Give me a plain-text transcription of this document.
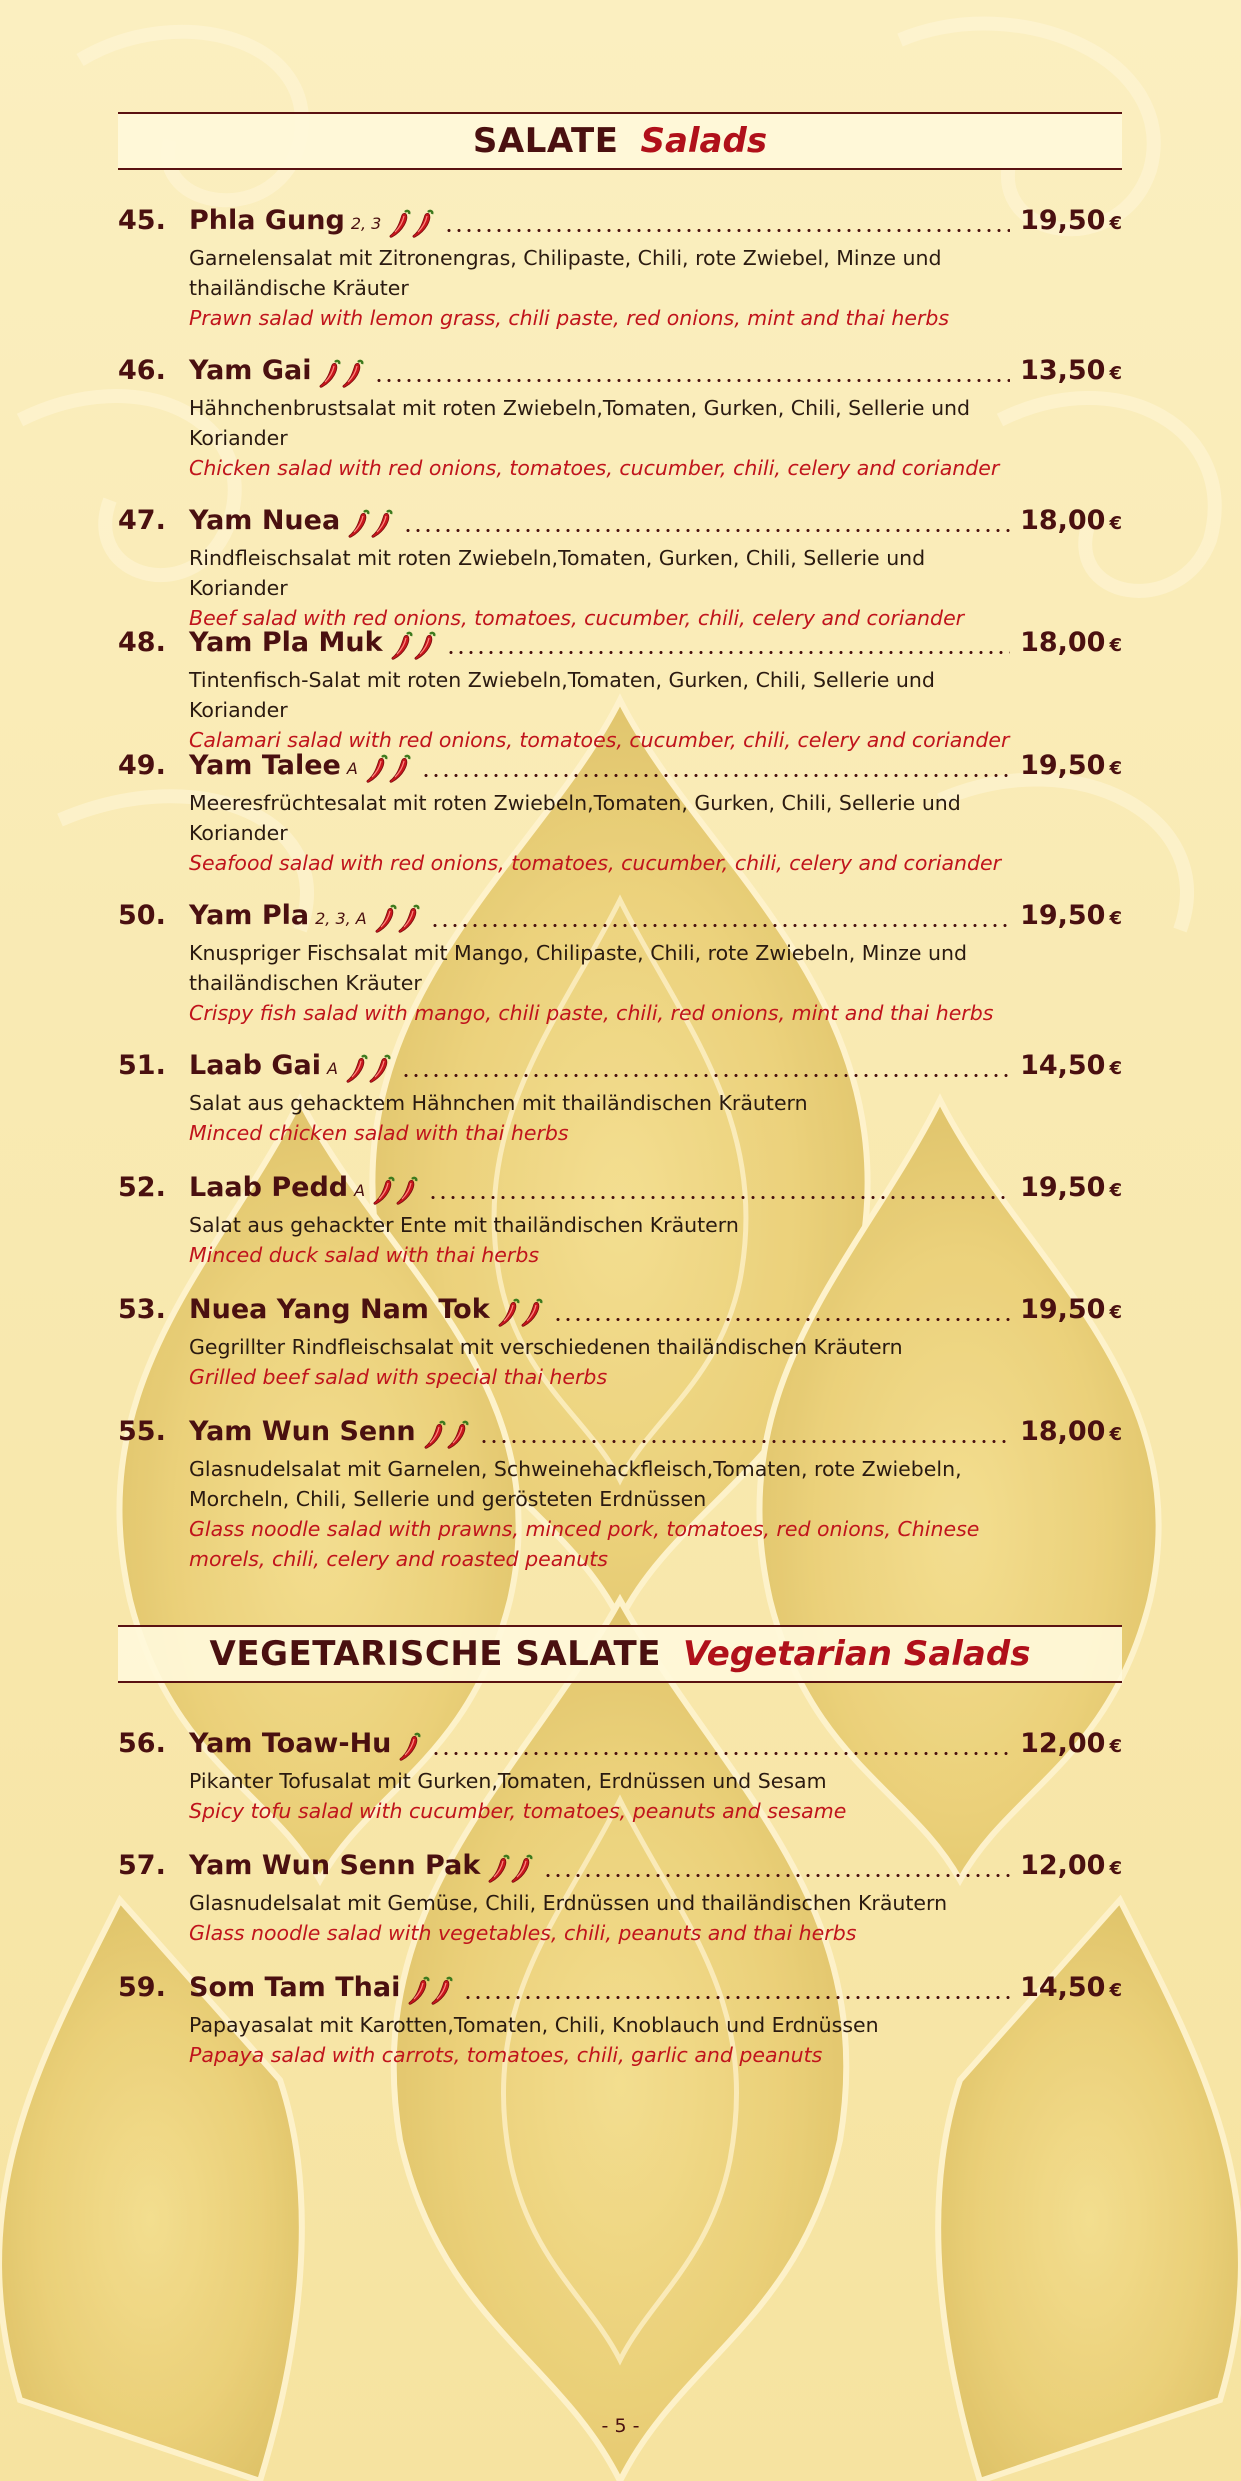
SALATE Salads
VEGETARISCHE SALATE Vegetarian Salads
45. Phla Gung 2, 3	19,50 €
Garnelensalat mit Zitronengras, Chilipaste, Chili, rote Zwiebel, Minze und thailändische Kräuter
Prawn salad with lemon grass, chili paste, red onions, mint and thai herbs
46. Yam Gai	13,50 €
Hähnchenbrustsalat mit roten Zwiebeln,Tomaten, Gurken, Chili, Sellerie und Koriander
Chicken salad with red onions, tomatoes, cucumber, chili, celery and coriander
47. Yam Nuea	18,00 €
Rindfleischsalat mit roten Zwiebeln,Tomaten, Gurken, Chili, Sellerie und Koriander
Beef salad with red onions, tomatoes, cucumber, chili, celery and coriander
48. Yam Pla Muk	18,00 €
Tintenfisch-Salat mit roten Zwiebeln,Tomaten, Gurken, Chili, Sellerie und Koriander
Calamari salad with red onions, tomatoes, cucumber, chili, celery and coriander
49. Yam Talee A	19,50 €
Meeresfrüchtesalat mit roten Zwiebeln,Tomaten, Gurken, Chili, Sellerie und Koriander
Seafood salad with red onions, tomatoes, cucumber, chili, celery and coriander
50. Yam Pla 2, 3, A	19,50 €
Knuspriger Fischsalat mit Mango, Chilipaste, Chili, rote Zwiebeln, Minze und thailändischen Kräuter
Crispy fish salad with mango, chili paste, chili, red onions, mint and thai herbs
51. Laab Gai A	14,50 €
Salat aus gehacktem Hähnchen mit thailändischen Kräutern
Minced chicken salad with thai herbs
52. Laab Pedd A	19,50 €
Salat aus gehackter Ente mit thailändischen Kräutern
Minced duck salad with thai herbs
53. Nuea Yang Nam Tok	19,50 €
Gegrillter Rindfleischsalat mit verschiedenen thailändischen Kräutern
Grilled beef salad with special thai herbs
55. Yam Wun Senn	18,00 €
Glasnudelsalat mit Garnelen, Schweinehackfleisch,Tomaten, rote Zwiebeln, Morcheln, Chili, Sellerie und gerösteten Erdnüssen
Glass noodle salad with prawns, minced pork, tomatoes, red onions, Chinese morels, chili, celery and roasted peanuts
56. Yam Toaw-Hu	12,00 €
Pikanter Tofusalat mit Gurken,Tomaten, Erdnüssen und Sesam
Spicy tofu salad with cucumber, tomatoes, peanuts and sesame
57. Yam Wun Senn Pak	12,00 €
Glasnudelsalat mit Gemüse, Chili, Erdnüssen und thailändischen Kräutern
Glass noodle salad with vegetables, chili, peanuts and thai herbs
59. Som Tam Thai	14,50 €
Papayasalat mit Karotten,Tomaten, Chili, Knoblauch und Erdnüssen
Papaya salad with carrots, tomatoes, chili, garlic and peanuts
- 5 -
